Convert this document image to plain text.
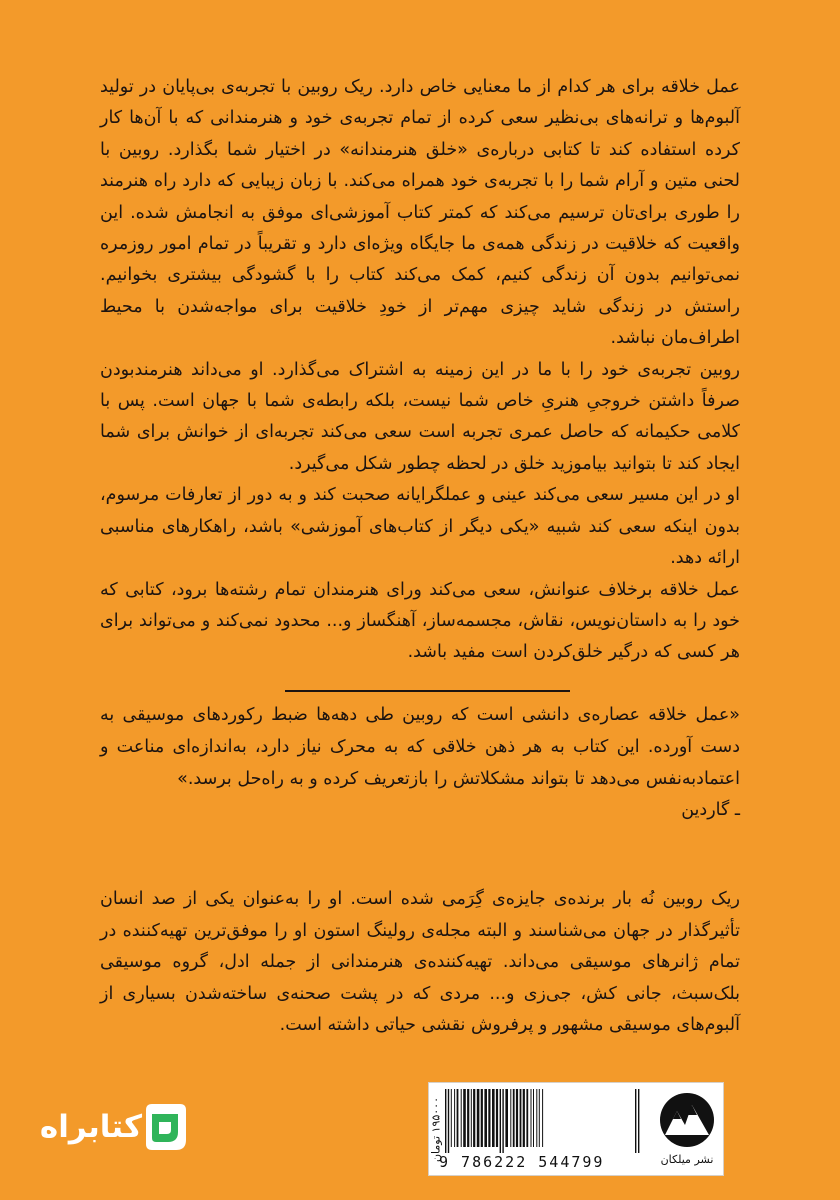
عمل خلاقه برای هر کدام از ما معنایی خاص دارد. ریک روبین با تجربه‌ی بی‌پایان در تولید آلبوم‌ها و ترانه‌های بی‌نظیر سعی کرده از تمام تجربه‌ی خود و هنرمندانی که با آن‌ها کار کرده استفاده کند تا کتابی درباره‌ی «خلق هنرمندانه» در اختیار شما بگذارد. روبین با لحنی متین و آرام شما را با تجربه‌ی خود همراه می‌کند. با زبان زیبایی که دارد راه هنرمند را طوری برای‌تان ترسیم می‌کند که کمتر کتاب آموزشی‌ای موفق به انجامش شده. این واقعیت که خلاقیت در زندگی همه‌ی ما جایگاه ویژه‌ای دارد و تقریباً در تمام امور روزمره نمی‌توانیم بدون آن زندگی کنیم، کمک می‌کند کتاب را با گشودگی بیشتری بخوانیم. راستش در زندگی شاید چیزی مهم‌تر از خودِ خلاقیت برای مواجه‌شدن با محیط اطراف‌مان نباشد.

روبین تجربه‌ی خود را با ما در این زمینه به اشتراک می‌گذارد. او می‌داند هنرمندبودن صرفاً داشتن خروجیِ هنریِ خاص شما نیست، بلکه رابطه‌ی شما با جهان است. پس با کلامی حکیمانه که حاصل عمری تجربه است سعی می‌کند تجربه‌ای از خوانش برای شما ایجاد کند تا بتوانید بیاموزید خلق در لحظه چطور شکل می‌گیرد.

او در این مسیر سعی می‌کند عینی و عملگرایانه صحبت کند و به دور از تعارفات مرسوم، بدون اینکه سعی کند شبیه «یکی دیگر از کتاب‌های آموزشی» باشد، راهکارهای مناسبی ارائه دهد.

عمل خلاقه برخلاف عنوانش، سعی می‌کند ورای هنرمندان تمام رشته‌ها برود، کتابی که خود را به داستان‌نویس، نقاش، مجسمه‌ساز، آهنگساز و... محدود نمی‌کند و می‌تواند برای هر کسی که درگیر خلق‌کردن است مفید باشد.

«عمل خلاقه عصاره‌ی دانشی است که روبین طی دهه‌ها ضبط رکوردهای موسیقی به دست آورده. این کتاب به هر ذهن خلاقی که به محرک نیاز دارد، به‌اندازه‌ای مناعت و اعتمادبه‌نفس می‌دهد تا بتواند مشکلاتش را بازتعریف کرده و به راه‌حل برسد.»

ـ گاردین

ریک روبین نُه بار برنده‌ی جایزه‌ی گِرَمی شده است. او را به‌عنوان یکی از صد انسان تأثیرگذار در جهان می‌شناسند و البته مجله‌ی رولینگ استون او را موفق‌ترین تهیه‌کننده در تمام ژانرهای موسیقی می‌داند. تهیه‌کننده‌ی هنرمندانی از جمله ادل، گروه موسیقی بلک‌سبث، جانی کش، جی‌زی و... مردی که در پشت صحنه‌ی ساخته‌شدن بسیاری از آلبوم‌های موسیقی مشهور و پرفروش نقشی حیاتی داشته است.

۱۹۵۰۰۰ تومان
9 786222 544799	نشر میلکان
کتابراه
